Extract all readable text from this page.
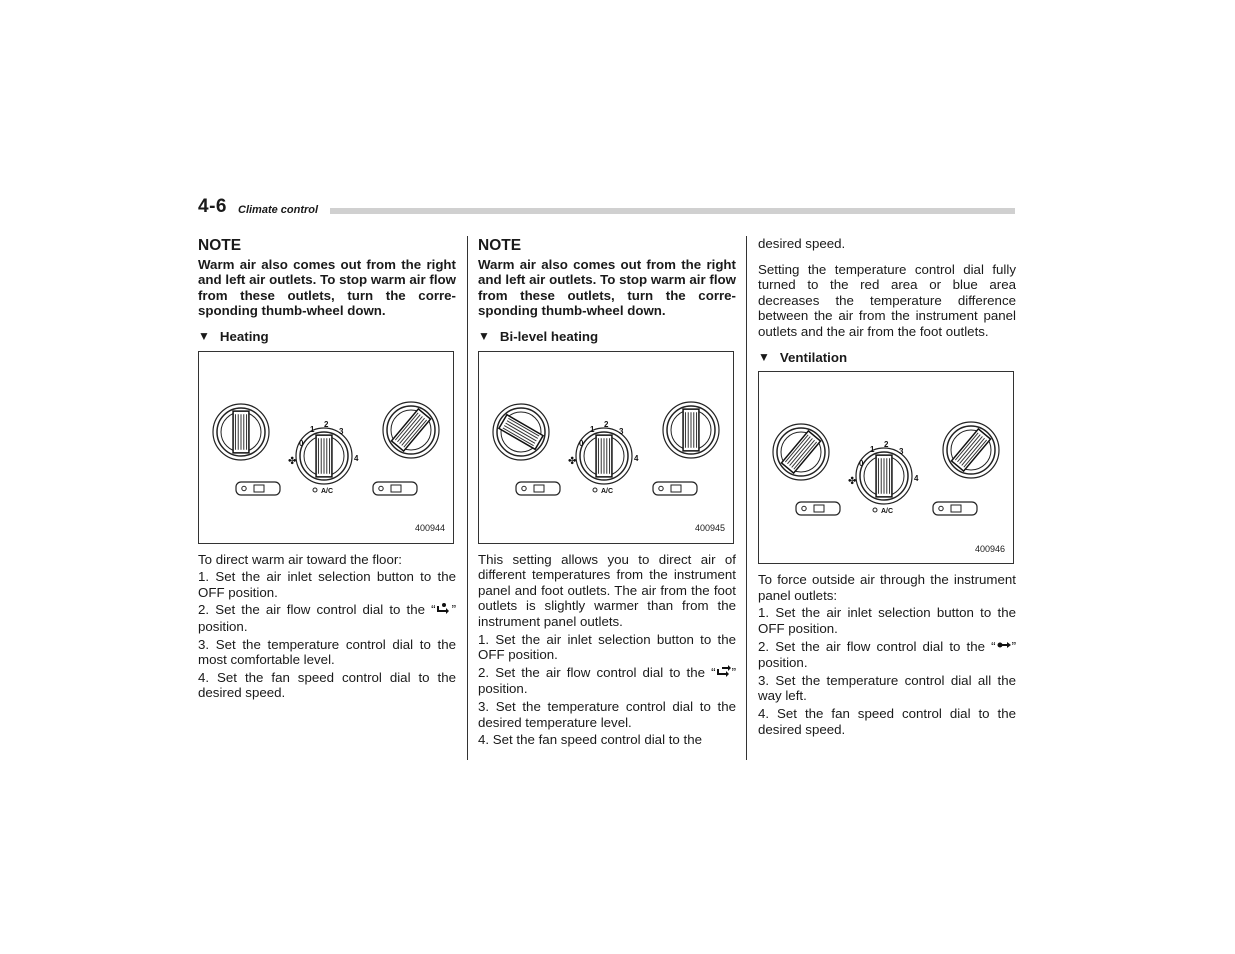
4-6 Climate control
NOTE
Warm air also comes out from the right and left air outlets. To stop warm air flow from these outlets, turn the corre-sponding thumb-wheel down.
▼ Heating
0
1
2
3
4
✤
A/C
400944

To direct warm air toward the floor:

1. Set the air inlet selection button to the OFF position.
2. Set the air flow control dial to the “ ” position.
3. Set the temperature control dial to the most comfortable level.
4. Set the fan speed control dial to the desired speed.
NOTE
Warm air also comes out from the right and left air outlets. To stop warm air flow from these outlets, turn the corre-sponding thumb-wheel down.
▼ Bi-level heating
0
1
2
3
4
✤
A/C
400945

This setting allows you to direct air of different temperatures from the instrument panel and foot outlets. The air from the foot outlets is slightly warmer than from the instrument panel outlets.

1. Set the air inlet selection button to the OFF position.
2. Set the air flow control dial to the “ ” position.
3. Set the temperature control dial to the desired temperature level.
4. Set the fan speed control dial to the

desired speed.

Setting the temperature control dial fully turned to the red area or blue area decreases the temperature difference between the air from the instrument panel outlets and the air from the foot outlets.

▼ Ventilation
0
1
2
3
4
✤
A/C
400946

To force outside air through the instrument panel outlets:

1. Set the air inlet selection button to the OFF position.
2. Set the air flow control dial to the “ ” position.
3. Set the temperature control dial all the way left.
4. Set the fan speed control dial to the desired speed.
